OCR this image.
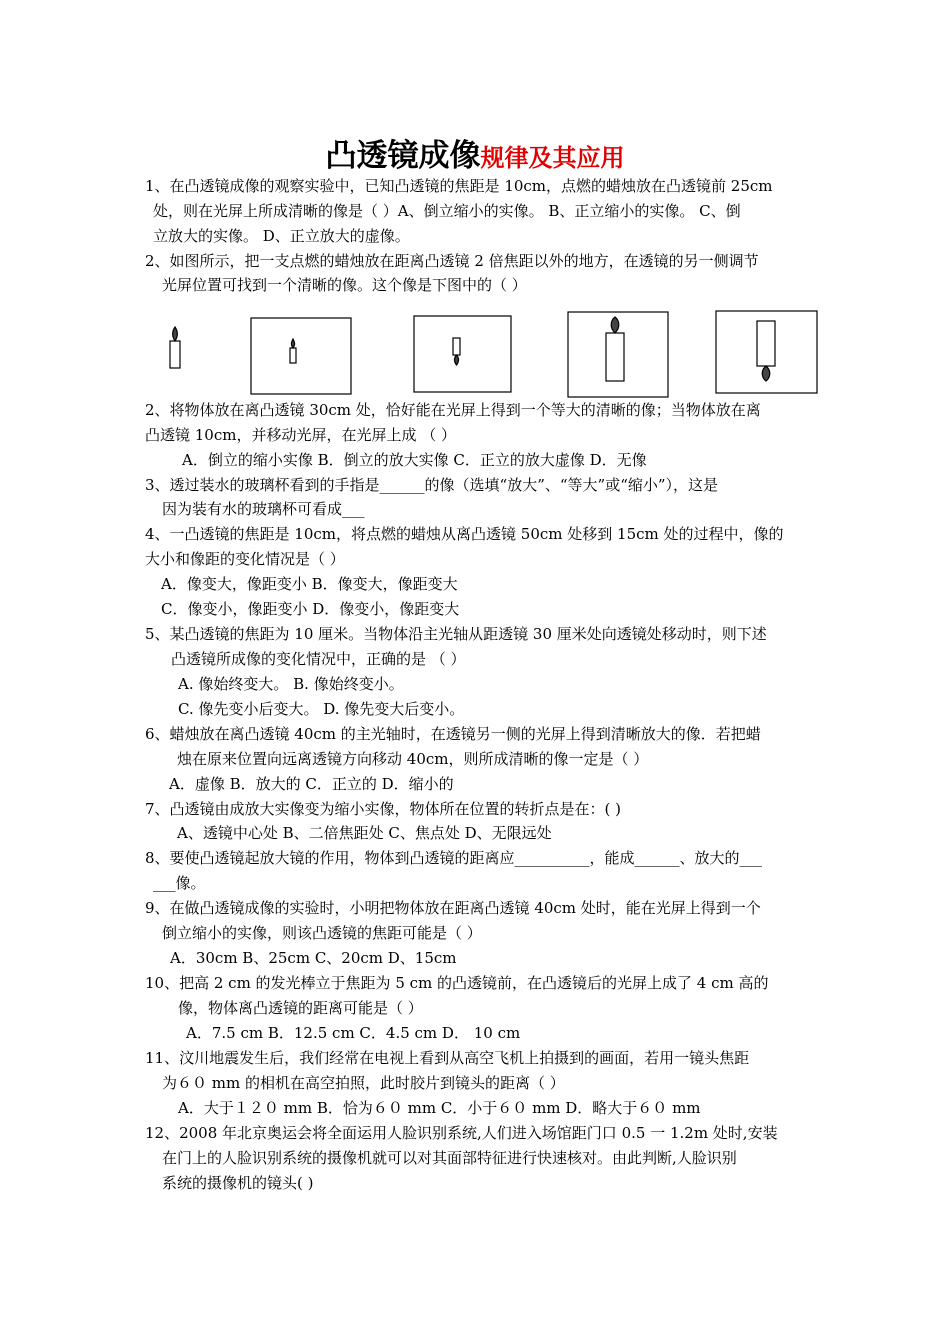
凸透镜成像规律及其应用
1、在凸透镜成像的观察实验中，已知凸透镜的焦距是 10cm，点燃的蜡烛放在凸透镜前 25cm
处，则在光屏上所成清晰的像是（ ）A、倒立缩小的实像。 B、正立缩小的实像。 C、倒
立放大的实像。 D、正立放大的虚像。
2、如图所示，把一支点燃的蜡烛放在距离凸透镜 2 倍焦距以外的地方，在透镜的另一侧调节
光屏位置可找到一个清晰的像。这个像是下图中的（ ）
2、将物体放在离凸透镜 30cm 处，恰好能在光屏上得到一个等大的清晰的像；当物体放在离
凸透镜 10cm，并移动光屏，在光屏上成 （ ）
A．倒立的缩小实像 B．倒立的放大实像 C．正立的放大虚像 D．无像
3、透过装水的玻璃杯看到的手指是______的像（选填“放大”、“等大”或“缩小”），这是
因为装有水的玻璃杯可看成___
4、一凸透镜的焦距是 10cm，将点燃的蜡烛从离凸透镜 50cm 处移到 15cm 处的过程中，像的
大小和像距的变化情况是（ ）
A．像变大，像距变小 B．像变大，像距变大
C．像变小，像距变小 D．像变小，像距变大
5、某凸透镜的焦距为 10 厘米。当物体沿主光轴从距透镜 30 厘米处向透镜处移动时，则下述
凸透镜所成像的变化情况中，正确的是 （ ）
A. 像始终变大。 B. 像始终变小。
C. 像先变小后变大。 D. 像先变大后变小。
6、蜡烛放在离凸透镜 40cm 的主光轴时，在透镜另一侧的光屏上得到清晰放大的像．若把蜡
烛在原来位置向远离透镜方向移动 40cm，则所成清晰的像一定是（ ）
A．虚像 B．放大的 C．正立的 D．缩小的
7、凸透镜由成放大实像变为缩小实像，物体所在位置的转折点是在：( )
A、透镜中心处 B、二倍焦距处 C、焦点处 D、无限远处
8、要使凸透镜起放大镜的作用，物体到凸透镜的距离应__________，能成______、放大的___
___像。
9、在做凸透镜成像的实验时，小明把物体放在距离凸透镜 40cm 处时，能在光屏上得到一个
倒立缩小的实像，则该凸透镜的焦距可能是（ ）
A．30cm B、25cm C、20cm D、15cm
10、把高 2 cm 的发光棒立于焦距为 5 cm 的凸透镜前，在凸透镜后的光屏上成了 4 cm 高的
像，物体离凸透镜的距离可能是（ ）
A．7.5 cm B．12.5 cm C．4.5 cm D． 10 cm
11、汶川地震发生后，我们经常在电视上看到从高空飞机上拍摄到的画面，若用一镜头焦距
为６０ mm 的相机在高空拍照，此时胶片到镜头的距离（ ）
A．大于１２０ mm B．恰为６０ mm C．小于６０ mm D．略大于６０ mm
12、2008 年北京奥运会将全面运用人脸识别系统,人们进入场馆距门口 0.5 一 1.2m 处时,安装
在门上的人脸识别系统的摄像机就可以对其面部特征进行快速核对。由此判断,人脸识别
系统的摄像机的镜头( )
